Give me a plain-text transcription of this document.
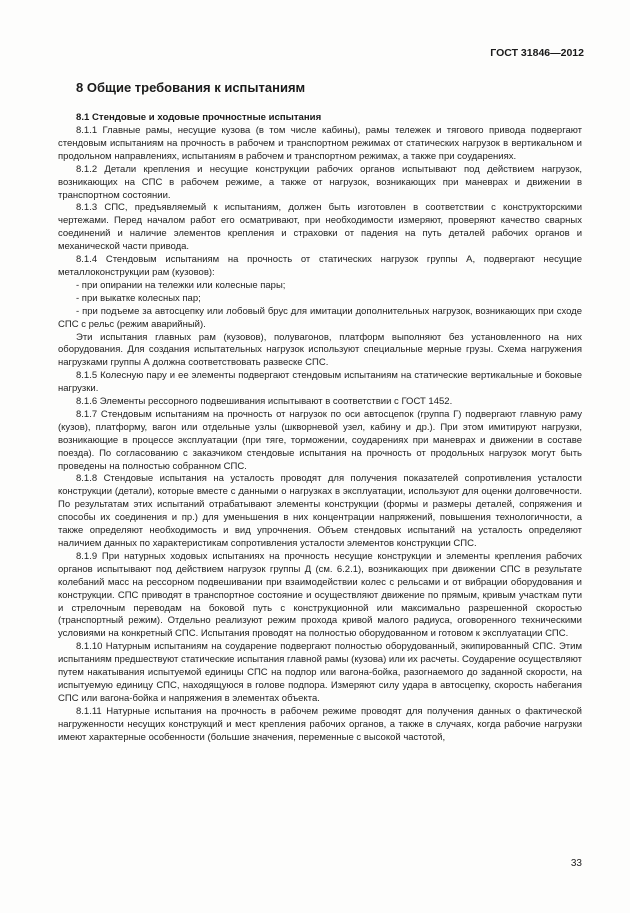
ГОСТ 31846—2012
8 Общие требования к испытаниям
8.1 Стендовые и ходовые прочностные испытания

8.1.1 Главные рамы, несущие кузова (в том числе кабины), рамы тележек и тягового привода подвергают стендовым испытаниям на прочность в рабочем и транспортном режимах от статических нагрузок в вертикальном и продольном направлениях, испытаниям в рабочем и транспортном режимах, а также при соударениях.

8.1.2 Детали крепления и несущие конструкции рабочих органов испытывают под действием нагрузок, возникающих на СПС в рабочем режиме, а также от нагрузок, возникающих при маневрах и движении в транспортном состоянии.

8.1.3 СПС, предъявляемый к испытаниям, должен быть изготовлен в соответствии с конструкторскими чертежами. Перед началом работ его осматривают, при необходимости измеряют, проверяют качество сварных соединений и наличие элементов крепления и страховки от падения на путь деталей рабочих органов и механической части привода.

8.1.4 Стендовым испытаниям на прочность от статических нагрузок группы А, подвергают несущие металлоконструкции рам (кузовов):

- при опирании на тележки или колесные пары;

- при выкатке колесных пар;

- при подъеме за автосцепку или лобовый брус для имитации дополнительных нагрузок, возникающих при сходе СПС с рельс (режим аварийный).

Эти испытания главных рам (кузовов), полувагонов, платформ выполняют без установленного на них оборудования. Для создания испытательных нагрузок используют специальные мерные грузы. Схема нагружения нагрузками группы А должна соответствовать развеске СПС.

8.1.5 Колесную пару и ее элементы подвергают стендовым испытаниям на статические вертикальные и боковые нагрузки.

8.1.6 Элементы рессорного подвешивания испытывают в соответствии с ГОСТ 1452.

8.1.7 Стендовым испытаниям на прочность от нагрузок по оси автосцепок (группа Г) подвергают главную раму (кузов), платформу, вагон или отдельные узлы (шкворневой узел, кабину и др.). При этом имитируют нагрузки, возникающие в процессе эксплуатации (при тяге, торможении, соударениях при маневрах и движении в составе поезда). По согласованию с заказчиком стендовые испытания на прочность от продольных нагрузок могут быть проведены на полностью собранном СПС.

8.1.8 Стендовые испытания на усталость проводят для получения показателей сопротивления усталости конструкции (детали), которые вместе с данными о нагрузках в эксплуатации, используют для оценки долговечности. По результатам этих испытаний отрабатывают элементы конструкции (формы и размеры деталей, сопряжения и способы их соединения и пр.) для уменьшения в них концентрации напряжений, повышения технологичности, а также определяют необходимость и вид упрочнения. Объем стендовых испытаний на усталость определяют наличием данных по характеристикам сопротивления усталости элементов конструкции СПС.

8.1.9 При натурных ходовых испытаниях на прочность несущие конструкции и элементы крепления рабочих органов испытывают под действием нагрузок группы Д (см. 6.2.1), возникающих при движении СПС в результате колебаний масс на рессорном подвешивании при взаимодействии колес с рельсами и от вибрации оборудования и конструкции. СПС приводят в транспортное состояние и осуществляют движение по прямым, кривым участкам пути и стрелочным переводам на боковой путь с конструкционной или максимально разрешенной скоростью (транспортный режим). Отдельно реализуют режим прохода кривой малого радиуса, оговоренного техническими условиями на конкретный СПС. Испытания проводят на полностью оборудованном и готовом к эксплуатации СПС.

8.1.10 Натурным испытаниям на соударение подвергают полностью оборудованный, экипированный СПС. Этим испытаниям предшествуют статические испытания главной рамы (кузова) или их расчеты. Соударение осуществляют путем накатывания испытуемой единицы СПС на подпор или вагона-бойка, разогнаемого до заданной скорости, на испытуемую единицу СПС, находящуюся в голове подпора. Измеряют силу удара в автосцепку, скорость набегания СПС или вагона-бойка и напряжения в элементах объекта.

8.1.11 Натурные испытания на прочность в рабочем режиме проводят для получения данных о фактической нагруженности несущих конструкций и мест крепления рабочих органов, а также в случаях, когда рабочие нагрузки имеют характерные особенности (большие значения, переменные с высокой частотой,

33
